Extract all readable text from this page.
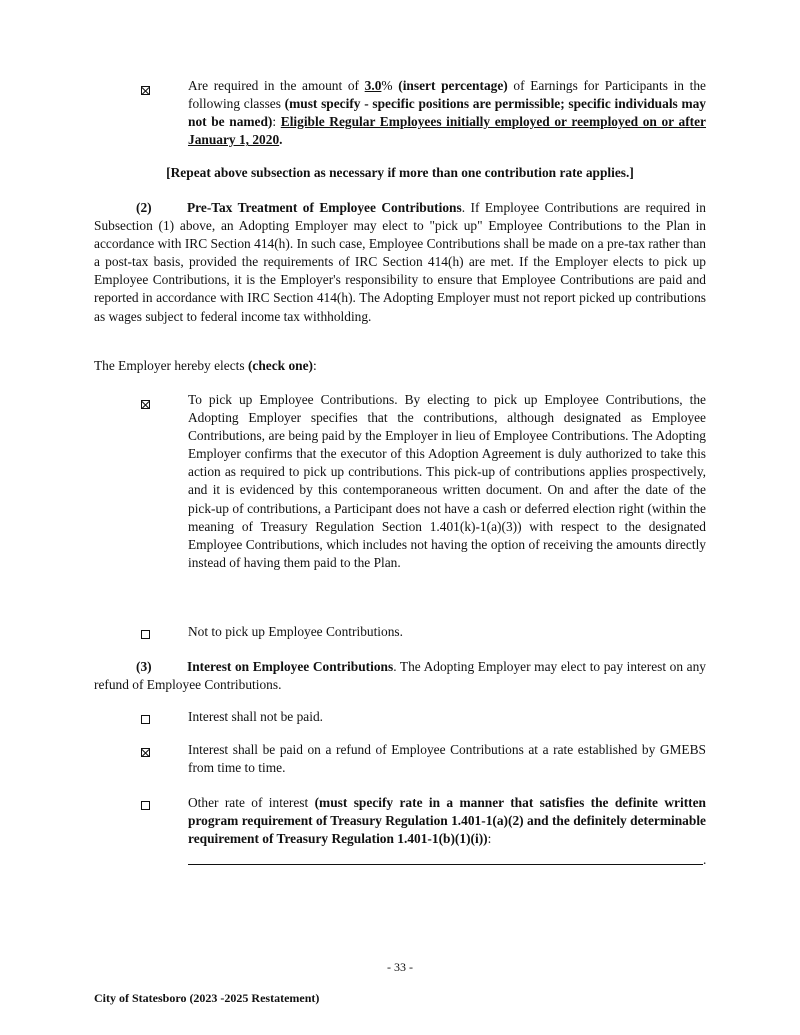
Are required in the amount of 3.0% (insert percentage) of Earnings for Participants in the following classes (must specify - specific positions are permissible; specific individuals may not be named): Eligible Regular Employees initially employed or reemployed on or after January 1, 2020.
[Repeat above subsection as necessary if more than one contribution rate applies.]
(2)	Pre-Tax Treatment of Employee Contributions. If Employee Contributions are required in Subsection (1) above, an Adopting Employer may elect to "pick up" Employee Contributions to the Plan in accordance with IRC Section 414(h). In such case, Employee Contributions shall be made on a pre-tax rather than a post-tax basis, provided the requirements of IRC Section 414(h) are met. If the Employer elects to pick up Employee Contributions, it is the Employer's responsibility to ensure that Employee Contributions are paid and reported in accordance with IRC Section 414(h). The Adopting Employer must not report picked up contributions as wages subject to federal income tax withholding.
The Employer hereby elects (check one):
To pick up Employee Contributions. By electing to pick up Employee Contributions, the Adopting Employer specifies that the contributions, although designated as Employee Contributions, are being paid by the Employer in lieu of Employee Contributions. The Adopting Employer confirms that the executor of this Adoption Agreement is duly authorized to take this action as required to pick up contributions. This pick-up of contributions applies prospectively, and it is evidenced by this contemporaneous written document. On and after the date of the pick-up of contributions, a Participant does not have a cash or deferred election right (within the meaning of Treasury Regulation Section 1.401(k)-1(a)(3)) with respect to the designated Employee Contributions, which includes not having the option of receiving the amounts directly instead of having them paid to the Plan.
Not to pick up Employee Contributions.
(3)	Interest on Employee Contributions. The Adopting Employer may elect to pay interest on any refund of Employee Contributions.
Interest shall not be paid.
Interest shall be paid on a refund of Employee Contributions at a rate established by GMEBS from time to time.
Other rate of interest (must specify rate in a manner that satisfies the definite written program requirement of Treasury Regulation 1.401-1(a)(2) and the definitely determinable requirement of Treasury Regulation 1.401-1(b)(1)(i)):
.
- 33 -
City of Statesboro (2023 -2025 Restatement)
